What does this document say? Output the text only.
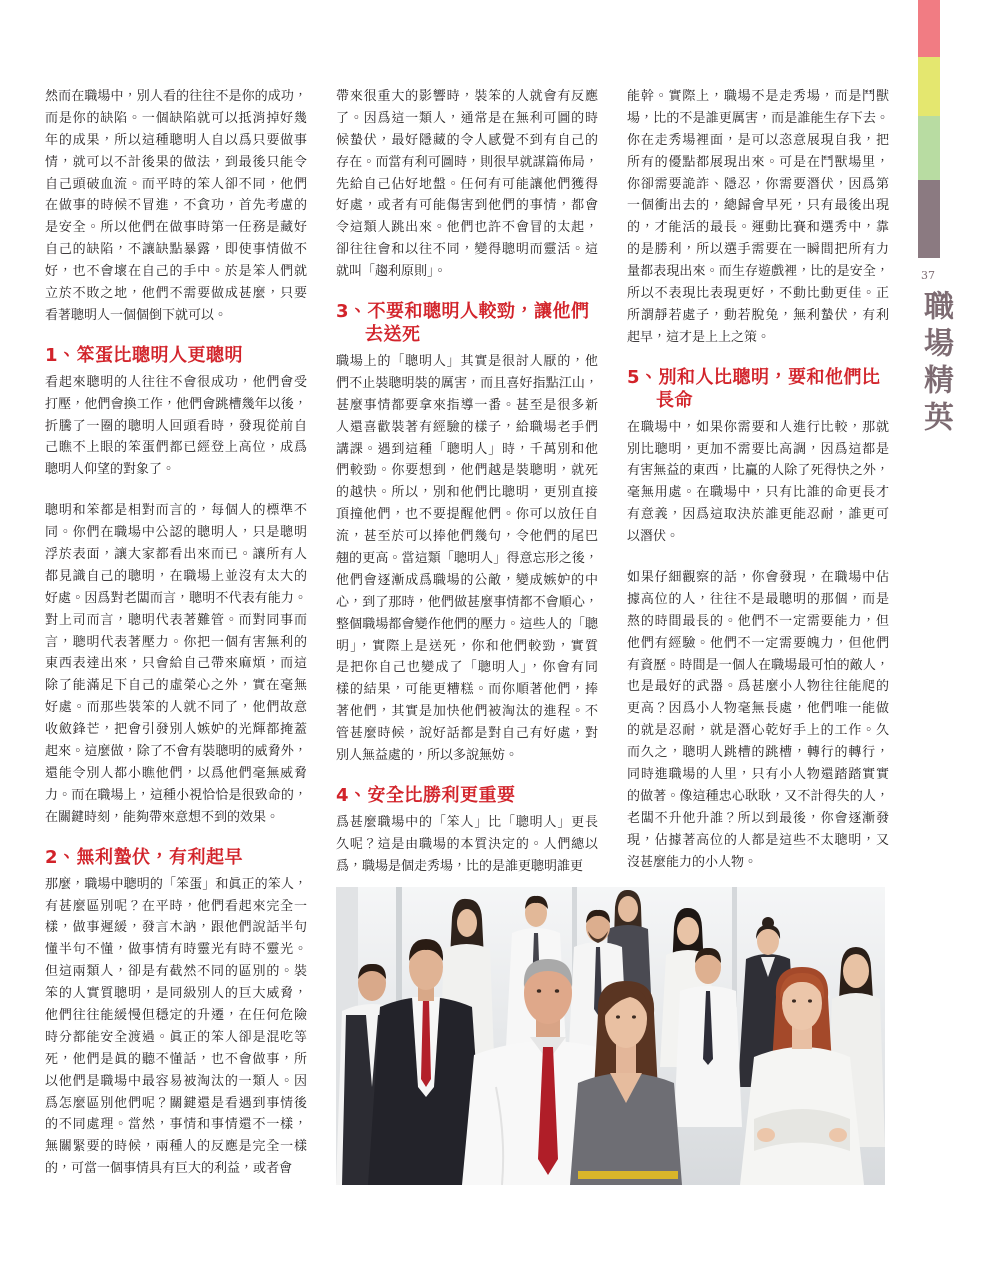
然而在職場中，別人看的往往不是你的成功，
而是你的缺陷。一個缺陷就可以抵消掉好幾
年的成果，所以這種聰明人自以爲只要做事
情，就可以不計後果的做法，到最後只能令
自己頭破血流。而平時的笨人卻不同，他們
在做事的時候不冒進，不貪功，首先考慮的
是安全。所以他們在做事時第一任務是藏好
自己的缺陷，不讓缺點暴露，即使事情做不
好，也不會壞在自己的手中。於是笨人們就
立於不敗之地，他們不需要做成甚麼，只要
看著聰明人一個個倒下就可以。
1、笨蛋比聰明人更聰明
看起來聰明的人往往不會很成功，他們會受
打壓，他們會換工作，他們會跳槽幾年以後，
折騰了一圈的聰明人回頭看時，發現從前自
己瞧不上眼的笨蛋們都已經登上高位，成爲
聰明人仰望的對象了。
聰明和笨都是相對而言的，每個人的標準不
同。你們在職場中公認的聰明人，只是聰明
浮於表面，讓大家都看出來而已。讓所有人
都見識自己的聰明，在職場上並沒有太大的
好處。因爲對老闆而言，聰明不代表有能力。
對上司而言，聰明代表著難管。而對同事而
言，聰明代表著壓力。你把一個有害無利的
東西表達出來，只會給自己帶來麻煩，而這
除了能滿足下自己的虛榮心之外，實在毫無
好處。而那些裝笨的人就不同了，他們故意
收斂鋒芒，把會引發別人嫉妒的光輝都掩蓋
起來。這麼做，除了不會有裝聰明的威脅外，
還能令別人都小瞧他們，以爲他們毫無威脅
力。而在職場上，這種小視恰恰是很致命的，
在關鍵時刻，能夠帶來意想不到的效果。
2、無利蟄伏，有利起早
那麼，職場中聰明的「笨蛋」和眞正的笨人，
有甚麼區別呢？在平時，他們看起來完全一
樣，做事遲緩，發言木訥，跟他們說話半句
懂半句不懂，做事情有時靈光有時不靈光。
但這兩類人，卻是有截然不同的區別的。裝
笨的人實質聰明，是同級別人的巨大威脅，
他們往往能緩慢但穩定的升遷，在任何危險
時分都能安全渡過。眞正的笨人卻是混吃等
死，他們是眞的聽不懂話，也不會做事，所
以他們是職場中最容易被淘汰的一類人。因
爲怎麼區別他們呢？關鍵還是看遇到事情後
的不同處理。當然，事情和事情還不一樣，
無關緊要的時候，兩種人的反應是完全一樣
的，可當一個事情具有巨大的利益，或者會
帶來很重大的影響時，裝笨的人就會有反應
了。因爲這一類人，通常是在無利可圖的時
候蟄伏，最好隱藏的令人感覺不到有自己的
存在。而當有利可圖時，則很早就謀篇佈局，
先給自己佔好地盤。任何有可能讓他們獲得
好處，或者有可能傷害到他們的事情，都會
令這類人跳出來。他們也許不會冒的太起，
卻往往會和以往不同，變得聰明而靈活。這
就叫「趨利原則」。
3、不要和聰明人較勁，讓他們
去送死
職場上的「聰明人」其實是很討人厭的，他
們不止裝聰明裝的厲害，而且喜好指點江山，
甚麼事情都要拿來指導一番。甚至是很多新
人還喜歡裝著有經驗的樣子，給職場老手們
講課。遇到這種「聰明人」時，千萬別和他
們較勁。你要想到，他們越是裝聰明，就死
的越快。所以，別和他們比聰明，更別直接
頂撞他們，也不要提醒他們。你可以放任自
流，甚至於可以捧他們幾句，令他們的尾巴
翹的更高。當這類「聰明人」得意忘形之後，
他們會逐漸成爲職場的公敵，變成嫉妒的中
心，到了那時，他們做甚麼事情都不會順心，
整個職場都會變作他們的壓力。這些人的「聰
明」，實際上是送死，你和他們較勁，實質
是把你自己也變成了「聰明人」，你會有同
樣的結果，可能更糟糕。而你順著他們，捧
著他們，其實是加快他們被淘汰的進程。不
管甚麼時候，說好話都是對自己有好處，對
別人無益處的，所以多說無妨。
4、安全比勝利更重要
爲甚麼職場中的「笨人」比「聰明人」更長
久呢？這是由職場的本質決定的。人們總以
爲，職場是個走秀場，比的是誰更聰明誰更
能幹。實際上，職場不是走秀場，而是鬥獸
場，比的不是誰更厲害，而是誰能生存下去。
你在走秀場裡面，是可以恣意展現自我，把
所有的優點都展現出來。可是在鬥獸場里，
你卻需要詭詐、隱忍，你需要潛伏，因爲第
一個衝出去的，總歸會早死，只有最後出現
的，才能活的最長。運動比賽和選秀中，靠
的是勝利，所以選手需要在一瞬間把所有力
量都表現出來。而生存遊戲裡，比的是安全，
所以不表現比表現更好，不動比動更佳。正
所謂靜若處子，動若脫兔，無利蟄伏，有利
起早，這才是上上之策。
5、別和人比聰明，要和他們比
長命
在職場中，如果你需要和人進行比較，那就
別比聰明，更加不需要比高調，因爲這都是
有害無益的東西，比贏的人除了死得快之外，
毫無用處。在職場中，只有比誰的命更長才
有意義，因爲這取決於誰更能忍耐，誰更可
以潛伏。
如果仔細觀察的話，你會發現，在職場中佔
據高位的人，往往不是最聰明的那個，而是
熬的時間最長的。他們不一定需要能力，但
他們有經驗。他們不一定需要魄力，但他們
有資歷。時間是一個人在職場最可怕的敵人，
也是最好的武器。爲甚麼小人物往往能爬的
更高？因爲小人物毫無長處，他們唯一能做
的就是忍耐，就是潛心乾好手上的工作。久
而久之，聰明人跳槽的跳槽，轉行的轉行，
同時進職場的人里，只有小人物還踏踏實實
的做著。像這種忠心耿耿，又不計得失的人，
老闆不升他升誰？所以到最後，你會逐漸發
現，佔據著高位的人都是這些不太聰明，又
沒甚麼能力的小人物。
37
職場精英
